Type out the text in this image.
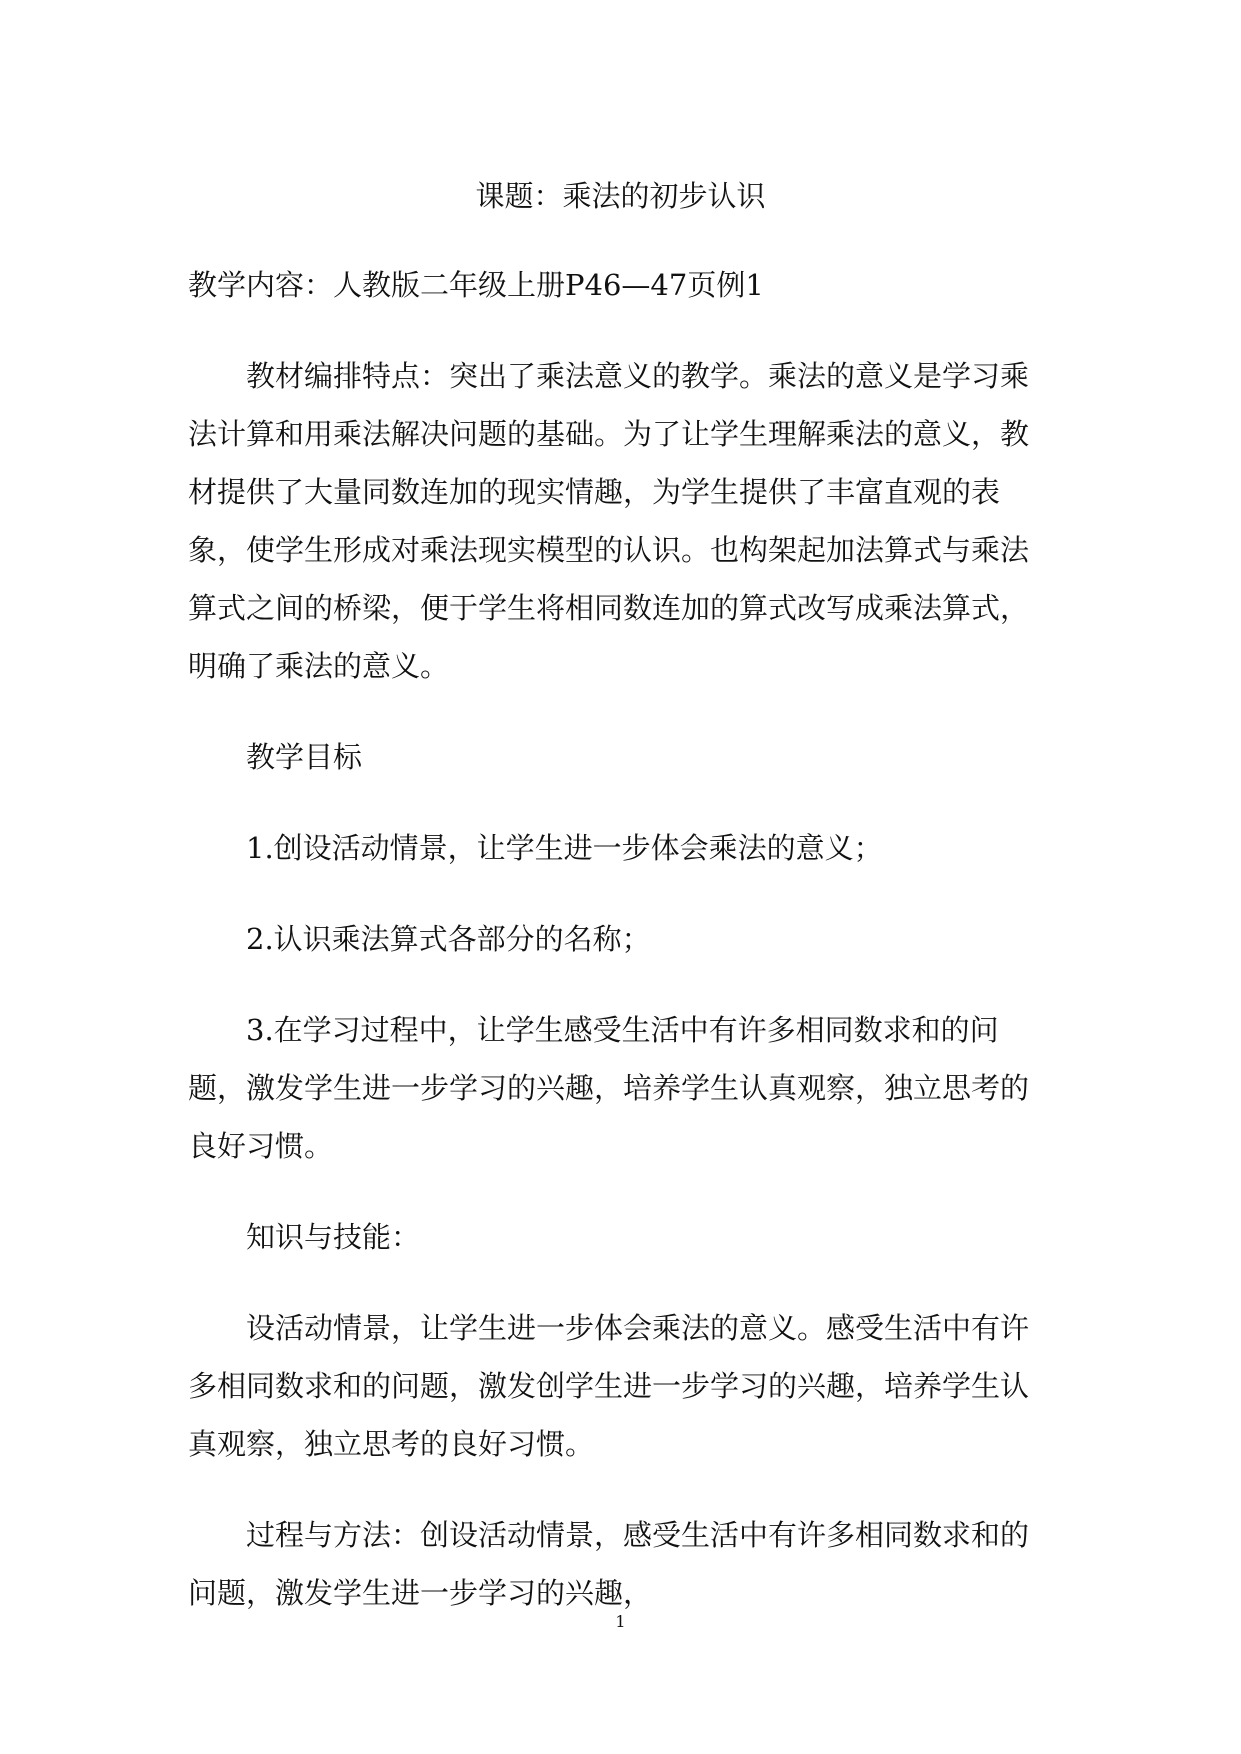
课题：乘法的初步认识

教学内容：人教版二年级上册P46—47页例1

教材编排特点：突出了乘法意义的教学。乘法的意义是学习乘法计算和用乘法解决问题的基础。为了让学生理解乘法的意义，教材提供了大量同数连加的现实情趣，为学生提供了丰富直观的表象，使学生形成对乘法现实模型的认识。也构架起加法算式与乘法算式之间的桥梁，便于学生将相同数连加的算式改写成乘法算式，明确了乘法的意义。

教学目标

1.创设活动情景，让学生进一步体会乘法的意义；

2.认识乘法算式各部分的名称；

3.在学习过程中，让学生感受生活中有许多相同数求和的问题，激发学生进一步学习的兴趣，培养学生认真观察，独立思考的良好习惯。

知识与技能：

设活动情景，让学生进一步体会乘法的意义。感受生活中有许多相同数求和的问题，激发创学生进一步学习的兴趣，培养学生认真观察，独立思考的良好习惯。

过程与方法：创设活动情景，感受生活中有许多相同数求和的问题，激发学生进一步学习的兴趣，

1
